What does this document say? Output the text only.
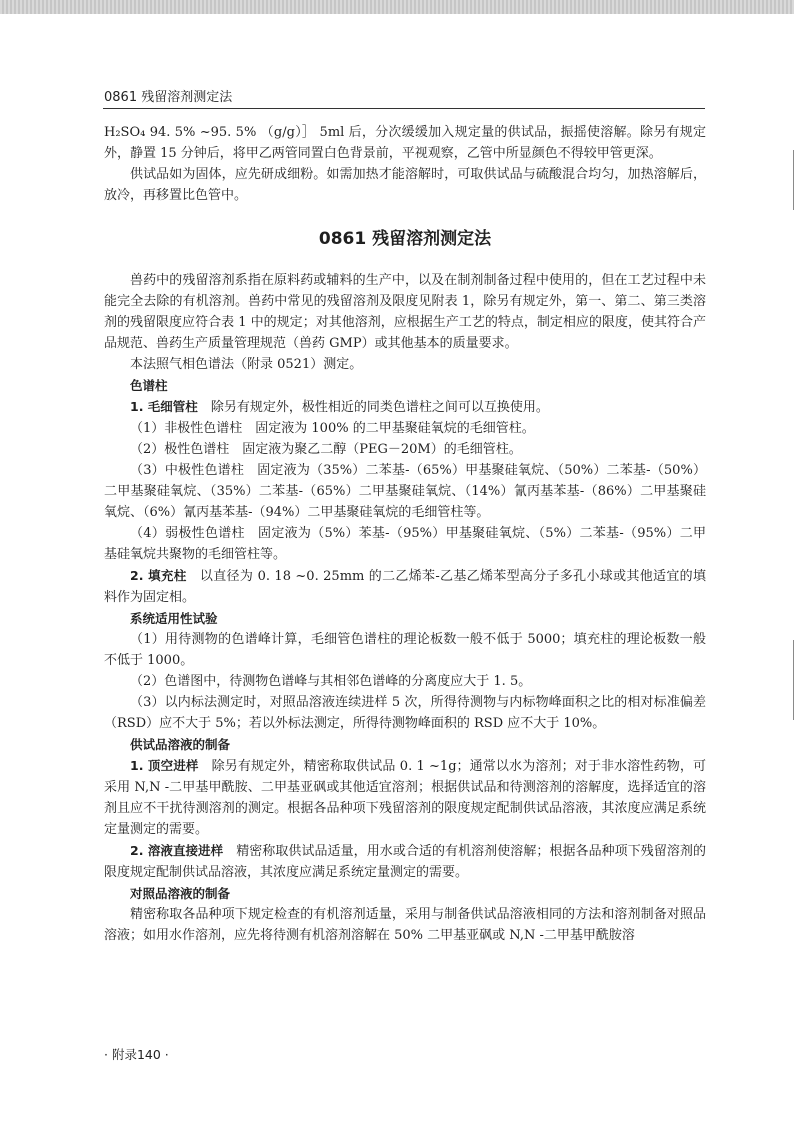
0861 残留溶剂测定法

H₂SO₄ 94. 5% ~95. 5% （g/g）］ 5ml 后，分次缓缓加入规定量的供试品，振摇使溶解。除另有规定外，静置 15 分钟后，将甲乙两管同置白色背景前，平视观察，乙管中所显颜色不得较甲管更深。

供试品如为固体，应先研成细粉。如需加热才能溶解时，可取供试品与硫酸混合均匀，加热溶解后，放冷，再移置比色管中。

0861 残留溶剂测定法

兽药中的残留溶剂系指在原料药或辅料的生产中，以及在制剂制备过程中使用的，但在工艺过程中未能完全去除的有机溶剂。兽药中常见的残留溶剂及限度见附表 1，除另有规定外，第一、第二、第三类溶剂的残留限度应符合表 1 中的规定；对其他溶剂，应根据生产工艺的特点，制定相应的限度，使其符合产品规范、兽药生产质量管理规范（兽药 GMP）或其他基本的质量要求。

本法照气相色谱法（附录 0521）测定。

色谱柱

1. 毛细管柱　除另有规定外，极性相近的同类色谱柱之间可以互换使用。

（1）非极性色谱柱　固定液为 100% 的二甲基聚硅氧烷的毛细管柱。

（2）极性色谱柱　固定液为聚乙二醇（PEG－20M）的毛细管柱。

（3）中极性色谱柱　固定液为（35%）二苯基-（65%）甲基聚硅氧烷、（50%）二苯基-（50%）二甲基聚硅氧烷、（35%）二苯基-（65%）二甲基聚硅氧烷、（14%）氰丙基苯基-（86%）二甲基聚硅氧烷、（6%）氰丙基苯基-（94%）二甲基聚硅氧烷的毛细管柱等。

（4）弱极性色谱柱　固定液为（5%）苯基-（95%）甲基聚硅氧烷、（5%）二苯基-（95%）二甲基硅氧烷共聚物的毛细管柱等。

2. 填充柱　以直径为 0. 18 ~0. 25mm 的二乙烯苯-乙基乙烯苯型高分子多孔小球或其他适宜的填料作为固定相。

系统适用性试验

（1）用待测物的色谱峰计算，毛细管色谱柱的理论板数一般不低于 5000；填充柱的理论板数一般不低于 1000。

（2）色谱图中，待测物色谱峰与其相邻色谱峰的分离度应大于 1. 5。

（3）以内标法测定时，对照品溶液连续进样 5 次，所得待测物与内标物峰面积之比的相对标准偏差（RSD）应不大于 5%；若以外标法测定，所得待测物峰面积的 RSD 应不大于 10%。

供试品溶液的制备

1. 顶空进样　除另有规定外，精密称取供试品 0. 1 ~1g；通常以水为溶剂；对于非水溶性药物，可采用 N,N -二甲基甲酰胺、二甲基亚砜或其他适宜溶剂；根据供试品和待测溶剂的溶解度，选择适宜的溶剂且应不干扰待测溶剂的测定。根据各品种项下残留溶剂的限度规定配制供试品溶液，其浓度应满足系统定量测定的需要。

2. 溶液直接进样　精密称取供试品适量，用水或合适的有机溶剂使溶解；根据各品种项下残留溶剂的限度规定配制供试品溶液，其浓度应满足系统定量测定的需要。

对照品溶液的制备

精密称取各品种项下规定检查的有机溶剂适量，采用与制备供试品溶液相同的方法和溶剂制备对照品溶液；如用水作溶剂，应先将待测有机溶剂溶解在 50% 二甲基亚砜或 N,N -二甲基甲酰胺溶

· 附录140 ·
